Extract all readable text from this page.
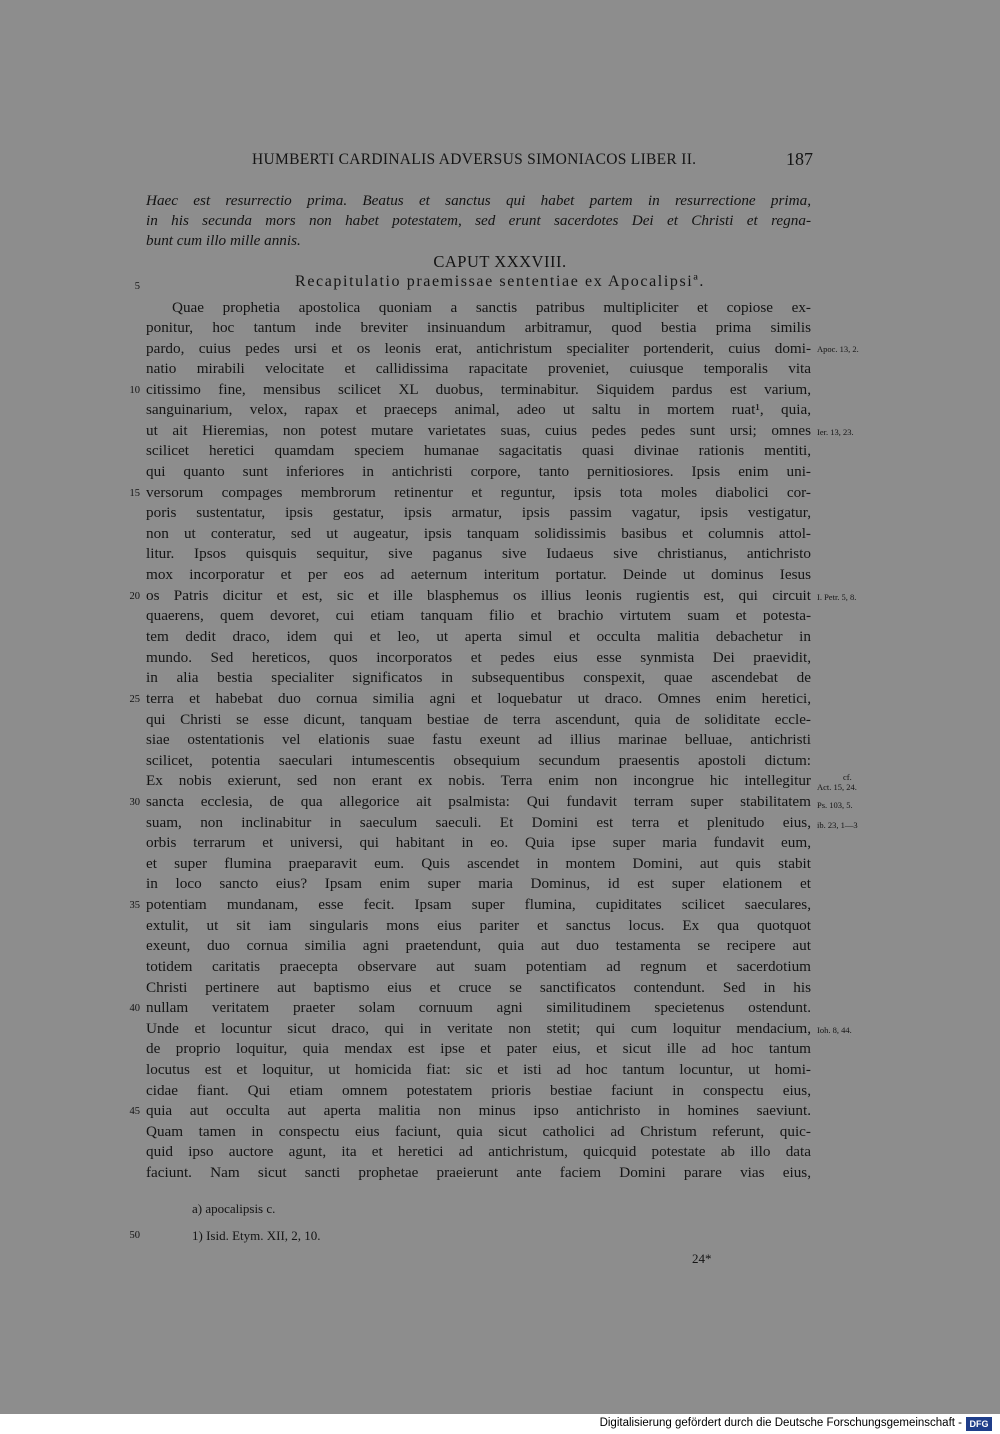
HUMBERTI CARDINALIS ADVERSUS SIMONIACOS LIBER II.	187
Haec est resurrectio prima. Beatus et sanctus qui habet partem in resurrectione prima,
in his secunda mors non habet potestatem, sed erunt sacerdotes Dei et Christi et regna-
bunt cum illo mille annis.
CAPUT XXXVIII.
Recapitulatio praemissae sententiae ex Apocalipsiª.
Quae prophetia apostolica quoniam a sanctis patribus multipliciter et copiose ex-
ponitur, hoc tantum inde breviter insinuandum arbitramur, quod bestia prima similis
pardo, cuius pedes ursi et os leonis erat, antichristum specialiter portenderit, cuius domi-
natio mirabili velocitate et callidissima rapacitate proveniet, cuiusque temporalis vita
citissimo fine, mensibus scilicet XL duobus, terminabitur. Siquidem pardus est varium,
sanguinarium, velox, rapax et praeceps animal, adeo ut saltu in mortem ruat¹, quia,
ut ait Hieremias, non potest mutare varietates suas, cuius pedes pedes sunt ursi; omnes
scilicet heretici quamdam speciem humanae sagacitatis quasi divinae rationis mentiti,
qui quanto sunt inferiores in antichristi corpore, tanto pernitiosiores. Ipsis enim uni-
versorum compages membrorum retinentur et reguntur, ipsis tota moles diabolici cor-
poris sustentatur, ipsis gestatur, ipsis armatur, ipsis passim vagatur, ipsis vestigatur,
non ut conteratur, sed ut augeatur, ipsis tanquam solidissimis basibus et columnis attol-
litur. Ipsos quisquis sequitur, sive paganus sive Iudaeus sive christianus, antichristo
mox incorporatur et per eos ad aeternum interitum portatur. Deinde ut dominus Iesus
os Patris dicitur et est, sic et ille blasphemus os illius leonis rugientis est, qui circuit
quaerens, quem devoret, cui etiam tanquam filio et brachio virtutem suam et potesta-
tem dedit draco, idem qui et leo, ut aperta simul et occulta malitia debachetur in
mundo. Sed hereticos, quos incorporatos et pedes eius esse synmista Dei praevidit,
in alia bestia specialiter significatos in subsequentibus conspexit, quae ascendebat de
terra et habebat duo cornua similia agni et loquebatur ut draco. Omnes enim heretici,
qui Christi se esse dicunt, tanquam bestiae de terra ascendunt, quia de soliditate eccle-
siae ostentationis vel elationis suae fastu exeunt ad illius marinae belluae, antichristi
scilicet, potentia saeculari intumescentis obsequium secundum praesentis apostoli dictum:
Ex nobis exierunt, sed non erant ex nobis. Terra enim non incongrue hic intellegitur
sancta ecclesia, de qua allegorice ait psalmista: Qui fundavit terram super stabilitatem
suam, non inclinabitur in saeculum saeculi. Et Domini est terra et plenitudo eius,
orbis terrarum et universi, qui habitant in eo. Quia ipse super maria fundavit eum,
et super flumina praeparavit eum. Quis ascendet in montem Domini, aut quis stabit
in loco sancto eius? Ipsam enim super maria Dominus, id est super elationem et
potentiam mundanam, esse fecit. Ipsam super flumina, cupiditates scilicet saeculares,
extulit, ut sit iam singularis mons eius pariter et sanctus locus. Ex qua quotquot
exeunt, duo cornua similia agni praetendunt, quia aut duo testamenta se recipere aut
totidem caritatis praecepta observare aut suam potentiam ad regnum et sacerdotium
Christi pertinere aut baptismo eius et cruce se sanctificatos contendunt. Sed in his
nullam veritatem praeter solam cornuum agni similitudinem specietenus ostendunt.
Unde et locuntur sicut draco, qui in veritate non stetit; qui cum loquitur mendacium,
de proprio loquitur, quia mendax est ipse et pater eius, et sicut ille ad hoc tantum
locutus est et loquitur, ut homicida fiat: sic et isti ad hoc tantum locuntur, ut homi-
cidae fiant. Qui etiam omnem potestatem prioris bestiae faciunt in conspectu eius,
quia aut occulta aut aperta malitia non minus ipso antichristo in homines saeviunt.
Quam tamen in conspectu eius faciunt, quia sicut catholici ad Christum referunt, quic-
quid ipso auctore agunt, ita et heretici ad antichristum, quicquid potestate ab illo data
faciunt. Nam sicut sancti prophetae praeierunt ante faciem Domini parare vias eius,
5
10
15
20
25
30
35
40
45
50
Apoc. 13, 2.
Ier. 13, 23.
I. Petr. 5, 8.
cf.
Act. 15, 24.
Ps. 103, 5.
ib. 23, 1—3
Ioh. 8, 44.
a) apocalipsis c.
1) Isid. Etym. XII, 2, 10.
24*
Digitalisierung gefördert durch die Deutsche Forschungsgemeinschaft - DFG
